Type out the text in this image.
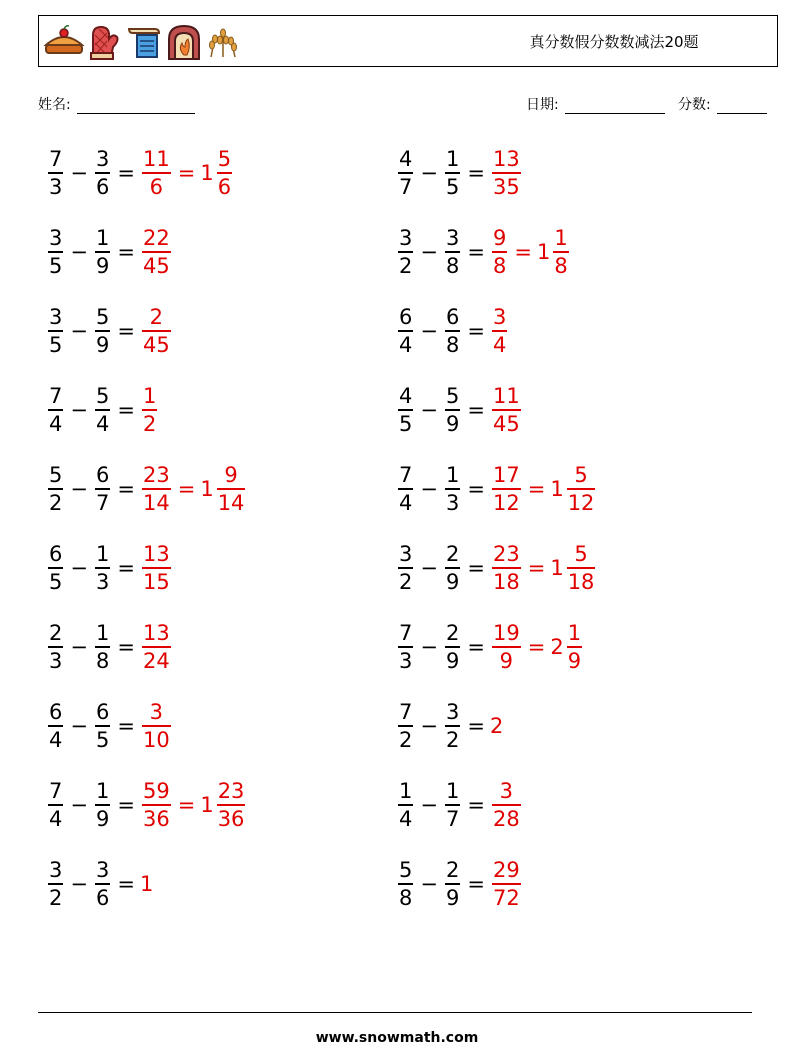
真分数假分数数减法20题
姓名:	日期:	分数:
$\frac{7}{3} - \frac{3}{6} = \frac{11}{6} = 1 \frac{5}{6}$	$\frac{4}{7} - \frac{1}{5} = \frac{13}{35}$
$\frac{3}{5} - \frac{1}{9} = \frac{22}{45}$	$\frac{3}{2} - \frac{3}{8} = \frac{9}{8} = 1 \frac{1}{8}$
$\frac{3}{5} - \frac{5}{9} = \frac{2}{45}$	$\frac{6}{4} - \frac{6}{8} = \frac{3}{4}$
$\frac{7}{4} - \frac{5}{4} = \frac{1}{2}$	$\frac{4}{5} - \frac{5}{9} = \frac{11}{45}$
$\frac{5}{2} - \frac{6}{7} = \frac{23}{14} = 1 \frac{9}{14}$	$\frac{7}{4} - \frac{1}{3} = \frac{17}{12} = 1 \frac{5}{12}$
$\frac{6}{5} - \frac{1}{3} = \frac{13}{15}$	$\frac{3}{2} - \frac{2}{9} = \frac{23}{18} = 1 \frac{5}{18}$
$\frac{2}{3} - \frac{1}{8} = \frac{13}{24}$	$\frac{7}{3} - \frac{2}{9} = \frac{19}{9} = 2 \frac{1}{9}$
$\frac{6}{4} - \frac{6}{5} = \frac{3}{10}$	$\frac{7}{2} - \frac{3}{2} = 2$
$\frac{7}{4} - \frac{1}{9} = \frac{59}{36} = 1 \frac{23}{36}$	$\frac{1}{4} - \frac{1}{7} = \frac{3}{28}$
$\frac{3}{2} - \frac{3}{6} = 1$	$\frac{5}{8} - \frac{2}{9} = \frac{29}{72}$
www.snowmath.com
